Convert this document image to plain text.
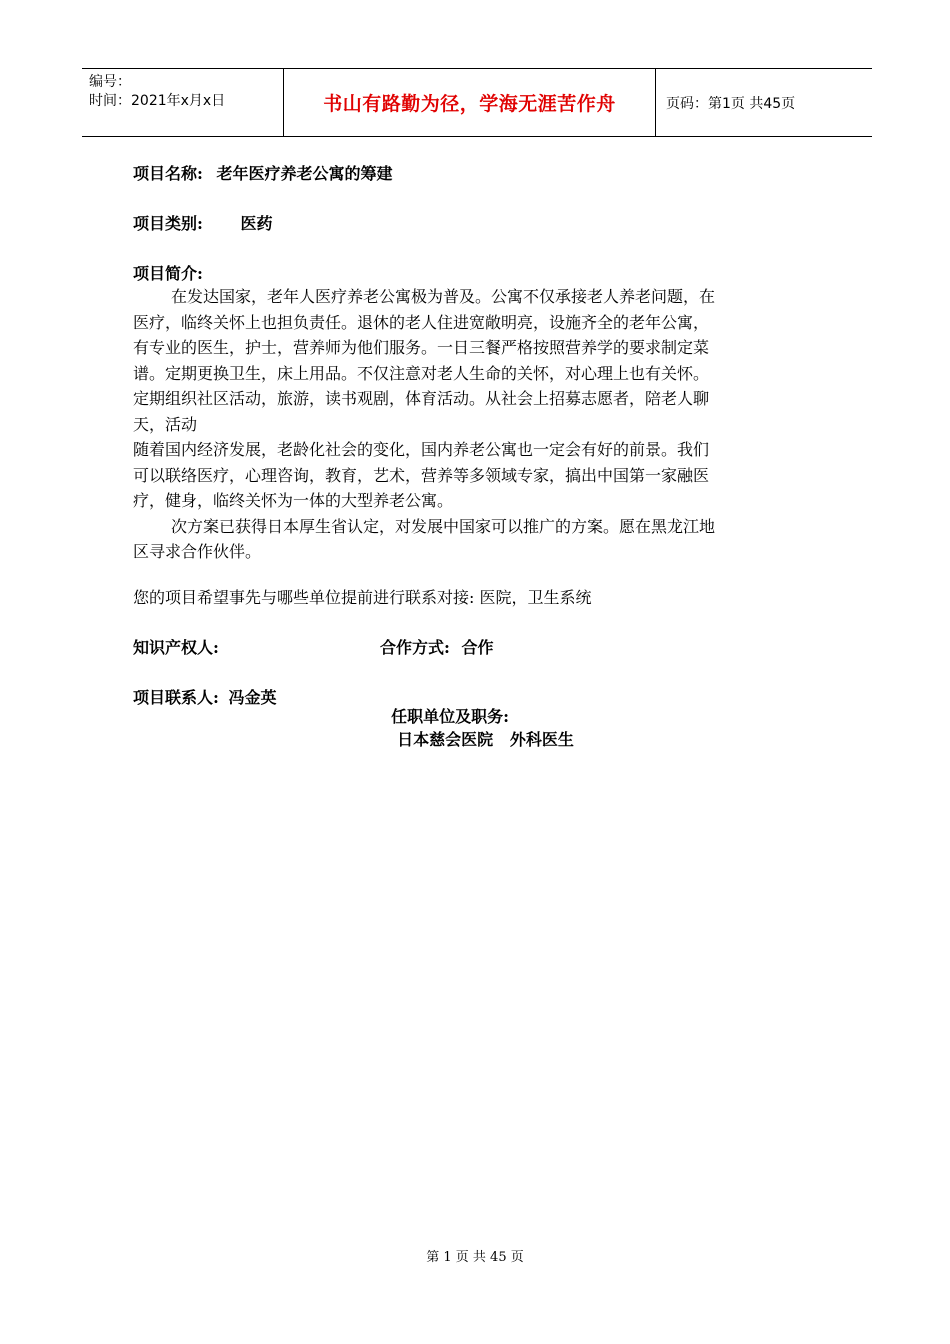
编号：
时间：2021年x月x日	书山有路勤为径，学海无涯苦作舟	页码：第1页 共45页
项目名称: 老年医疗养老公寓的筹建
项目类别: 医药
项目简介:

在发达国家，老年人医疗养老公寓极为普及。公寓不仅承接老人养老问题，在

医疗，临终关怀上也担负责任。退休的老人住进宽敞明亮，设施齐全的老年公寓，

有专业的医生，护士，营养师为他们服务。一日三餐严格按照营养学的要求制定菜

谱。定期更换卫生，床上用品。不仅注意对老人生命的关怀，对心理上也有关怀。

定期组织社区活动，旅游，读书观剧，体育活动。从社会上招募志愿者，陪老人聊

天，活动

随着国内经济发展，老龄化社会的变化，国内养老公寓也一定会有好的前景。我们

可以联络医疗，心理咨询，教育，艺术，营养等多领域专家，搞出中国第一家融医

疗，健身，临终关怀为一体的大型养老公寓。

次方案已获得日本厚生省认定，对发展中国家可以推广的方案。愿在黑龙江地

区寻求合作伙伴。

您的项目希望事先与哪些单位提前进行联系对接: 医院，卫生系统
知识产权人:	合作方式: 合作
项目联系人: 冯金英

任职单位及职务:
日本慈会医院   外科医生

第 1 页 共 45 页
